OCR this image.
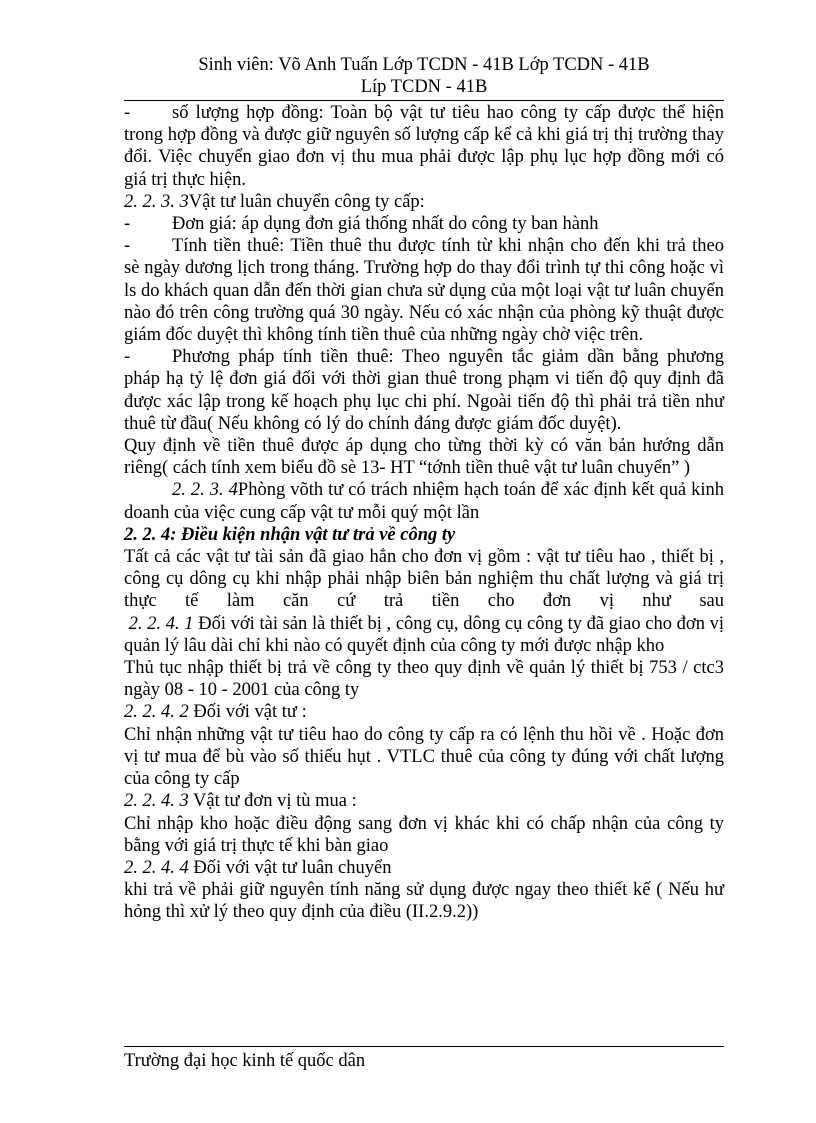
Sinh viên: Võ Anh Tuấn Lớp TCDN - 41B Lớp TCDN - 41B
Líp TCDN - 41B

- số lượng hợp đồng: Toàn bộ vật tư tiêu hao công ty cấp được thể hiện

trong hợp đồng và được giữ nguyên số lượng cấp kể cả khi giá trị thị trường thay đổi. Việc chuyển giao đơn vị thu mua phải được lập phụ lục hợp đồng mới có giá trị thực hiện.

2. 2. 3. 3Vật tư luân chuyển công ty cấp:

- Đơn giá: áp dụng đơn giá thống nhất do công ty ban hành

- Tính tiền thuê: Tiền thuê thu được tính từ khi nhận cho đến khi trả theo

sè ngày dương lịch trong tháng. Trường hợp do thay đổi trình tự thi công hoặc vì ls do khách quan dẫn đến thời gian chưa sử dụng của một loại vật tư luân chuyển nào đó trên công trường quá 30 ngày. Nếu có xác nhận của phòng kỹ thuật được giám đốc duyệt thì không tính tiền thuê của những ngày chờ việc trên.

- Phương pháp tính tiền thuê: Theo nguyên tắc giảm dần bằng phương

pháp hạ tỷ lệ đơn giá đối với thời gian thuê trong phạm vi tiến độ quy định đã được xác lập trong kế hoạch phụ lục chi phí. Ngoài tiến độ thì phải trả tiền như thuê từ đầu( Nếu không có lý do chính đáng được giám đốc duyệt).

Quy định về tiền thuê được áp dụng cho từng thời kỳ có văn bản hướng dẫn riêng( cách tính xem biểu đồ sè 13- HT “tớnh tiền thuê vật tư luân chuyển” )

2. 2. 3. 4Phòng võth tư có trách nhiệm hạch toán để xác định kết quả kinh doanh của việc cung cấp vật tư mỗi quý một lần

2. 2. 4: Điều kiện nhận vật tư trả về công ty

Tất cả các vật tư tài sản đã giao hẳn cho đơn vị gồm : vật tư tiêu hao , thiết bị ,

công cụ dông cụ khi nhập phải nhập biên bản nghiệm thu chất lượng và giá trị

thực tế làm căn cứ trả tiền cho đơn vị như sau

2. 2. 4. 1 Đối với tài sản là thiết bị , công cụ, dông cụ công ty đã giao cho đơn vị quản lý lâu dài chỉ khi nào có quyết định của công ty mới được nhập kho

Thủ tục nhập thiết bị trả về công ty theo quy định về quản lý thiết bị 753 / ctc3 ngày 08 - 10 - 2001 của công ty

2. 2. 4. 2 Đối với vật tư :

Chỉ nhận những vật tư tiêu hao do công ty cấp ra có lệnh thu hồi về . Hoặc đơn vị tư mua để bù vào số thiếu hụt . VTLC thuê của công ty đúng với chất lượng của công ty cấp

2. 2. 4. 3 Vật tư đơn vị tù mua :

Chỉ nhập kho hoặc điều động sang đơn vị khác khi có chấp nhận của công ty bằng với giá trị thực tế khi bàn giao

2. 2. 4. 4 Đối với vật tư luân chuyển

khi trả về phải giữ nguyên tính năng sử dụng được ngay theo thiết kế ( Nếu hư hỏng thì xử lý theo quy định của điều (II.2.9.2))

Trường đại học kinh tế quốc dân
